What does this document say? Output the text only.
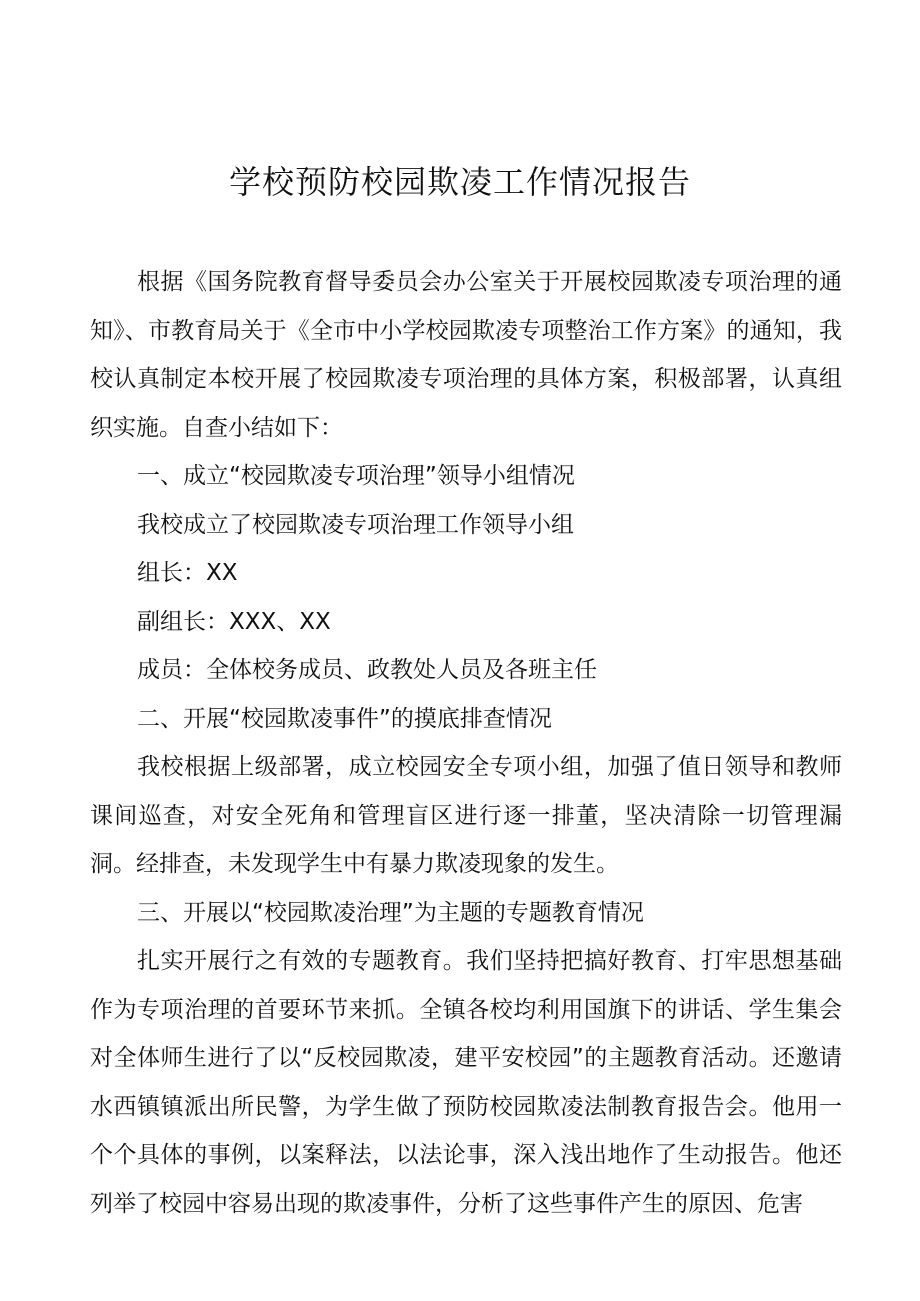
学校预防校园欺凌工作情况报告

根据《国务院教育督导委员会办公室关于开展校园欺凌专项治理的通知》、市教育局关于《全市中小学校园欺凌专项整治工作方案》的通知，我校认真制定本校开展了校园欺凌专项治理的具体方案，积极部署，认真组织实施。自查小结如下：

一、成立“校园欺凌专项治理”领导小组情况

我校成立了校园欺凌专项治理工作领导小组

组长：XX

副组长：XXX、XX

成员：全体校务成员、政教处人员及各班主任

二、开展“校园欺凌事件”的摸底排查情况

我校根据上级部署，成立校园安全专项小组，加强了值日领导和教师课间巡查，对安全死角和管理盲区进行逐一排董，坚决清除一切管理漏洞。经排查，未发现学生中有暴力欺凌现象的发生。

三、开展以“校园欺凌治理”为主题的专题教育情况

扎实开展行之有效的专题教育。我们坚持把搞好教育、打牢思想基础作为专项治理的首要环节来抓。全镇各校均利用国旗下的讲话、学生集会对全体师生进行了以“反校园欺凌，建平安校园”的主题教育活动。还邀请水西镇镇派出所民警，为学生做了预防校园欺凌法制教育报告会。他用一个个具体的事例，以案释法，以法论事，深入浅出地作了生动报告。他还列举了校园中容易出现的欺凌事件，分析了这些事件产生的原因、危害
